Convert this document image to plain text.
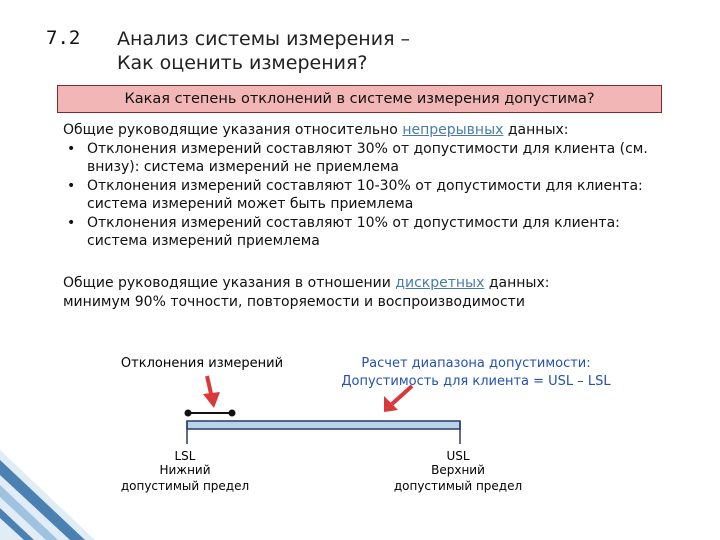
7.2 Анализ системы измерения –
Как оценить измерения?
Какая степень отклонений в системе измерения допустима?
Общие руководящие указания относительно непрерывных данных:
• Отклонения измерений составляют 30% от допустимости для клиента (см. внизу): система измерений не приемлема
• Отклонения измерений составляют 10-30% от допустимости для клиента: система измерений может быть приемлема
• Отклонения измерений составляют 10% от допустимости для клиента: система измерений приемлема
Общие руководящие указания в отношении дискретных данных:
минимум 90% точности, повторяемости и воспроизводимости
Отклонения измерений	Расчет диапазона допустимости:
Допустимость для клиента = USL – LSL
LSL
Нижний
допустимый предел
USL
Верхний
допустимый предел
